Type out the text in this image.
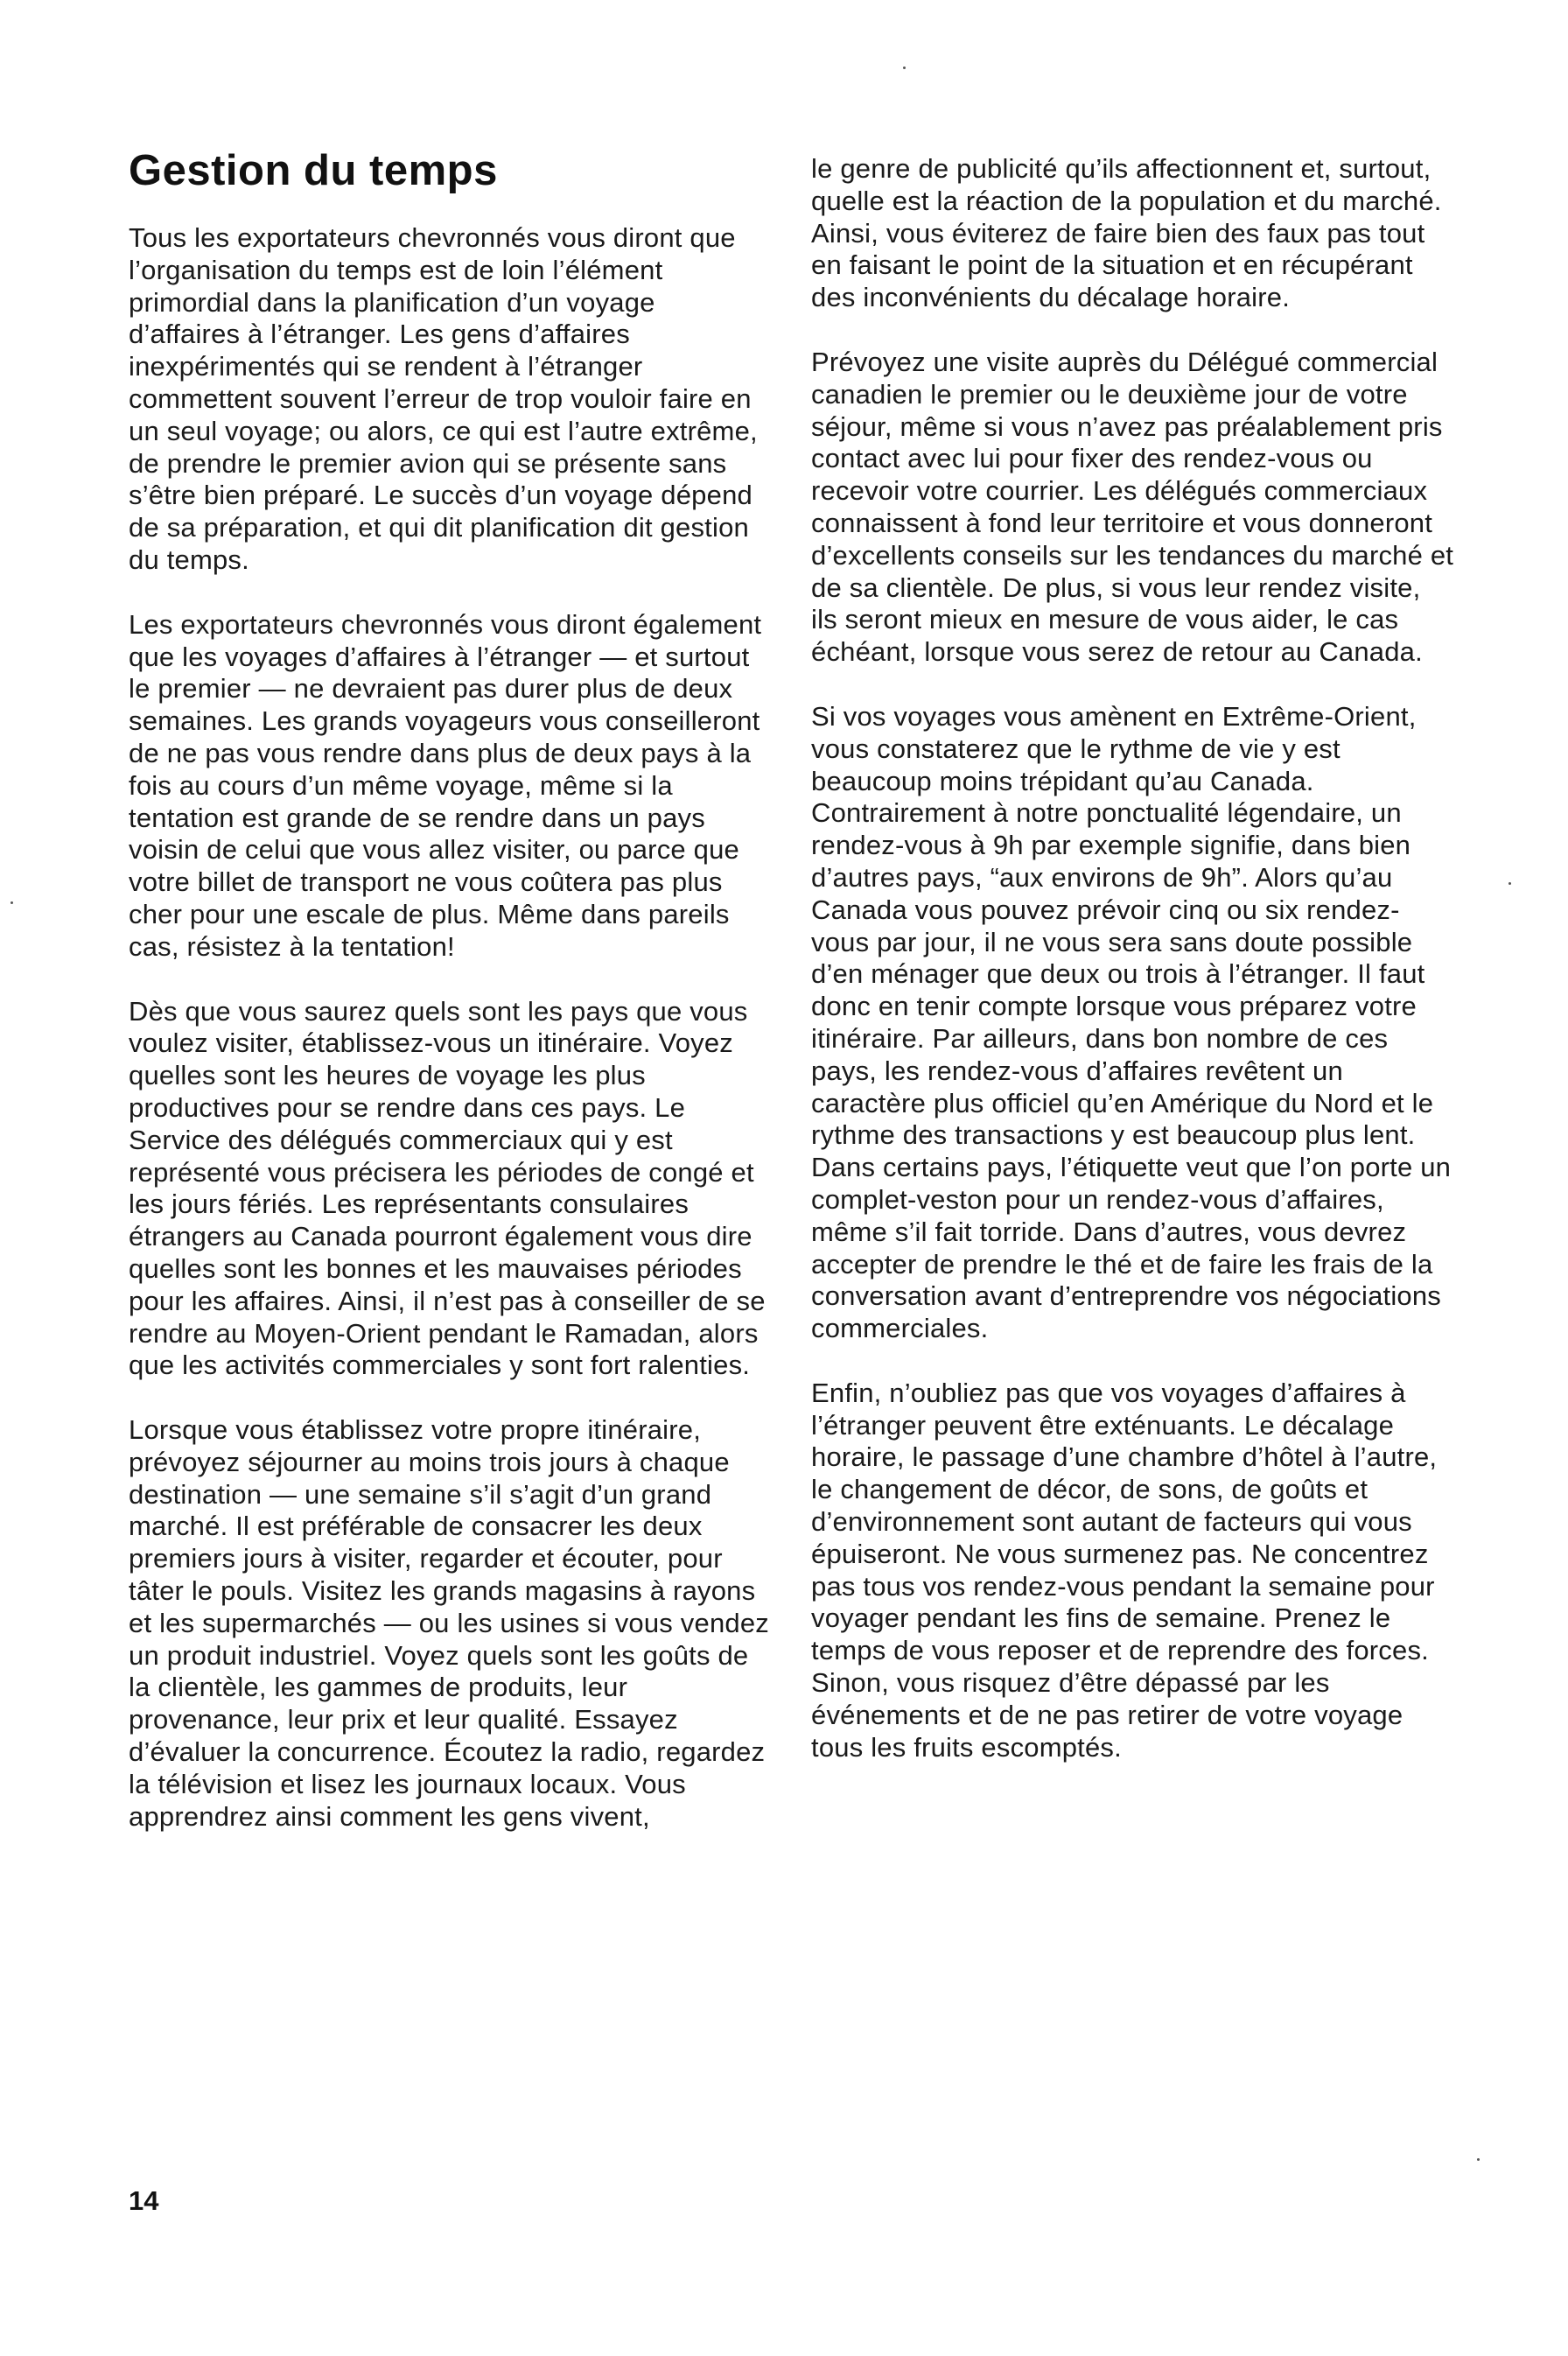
Gestion du temps

Tous les exportateurs chevronnés vous diront que l’organisation du temps est de loin l’élément primordial dans la planification d’un voyage d’affaires à l’étranger. Les gens d’affaires inexpérimentés qui se rendent à l’étranger commettent souvent l’erreur de trop vouloir faire en un seul voyage; ou alors, ce qui est l’autre extrême, de prendre le premier avion qui se présente sans s’être bien préparé. Le succès d’un voyage dépend de sa préparation, et qui dit planification dit gestion du temps.

Les exportateurs chevronnés vous diront également que les voyages d’affaires à l’étranger — et surtout le premier — ne devraient pas durer plus de deux semaines. Les grands voyageurs vous conseilleront de ne pas vous rendre dans plus de deux pays à la fois au cours d’un même voyage, même si la tentation est grande de se rendre dans un pays voisin de celui que vous allez visiter, ou parce que votre billet de transport ne vous coûtera pas plus cher pour une escale de plus. Même dans pareils cas, résistez à la tentation!

Dès que vous saurez quels sont les pays que vous voulez visiter, établissez-vous un itinéraire. Voyez quelles sont les heures de voyage les plus productives pour se rendre dans ces pays. Le Service des délégués commerciaux qui y est représenté vous précisera les périodes de congé et les jours fériés. Les représentants consulaires étrangers au Canada pourront également vous dire quelles sont les bonnes et les mauvaises périodes pour les affaires. Ainsi, il n’est pas à conseiller de se rendre au Moyen-Orient pendant le Ramadan, alors que les activités commerciales y sont fort ralenties.

Lorsque vous établissez votre propre itinéraire, prévoyez séjourner au moins trois jours à chaque destination — une semaine s’il s’agit d’un grand marché. Il est préférable de consacrer les deux premiers jours à visiter, regarder et écouter, pour tâter le pouls. Visitez les grands magasins à rayons et les supermarchés — ou les usines si vous vendez un produit industriel. Voyez quels sont les goûts de la clientèle, les gammes de produits, leur provenance, leur prix et leur qualité. Essayez d’évaluer la concurrence. Écoutez la radio, regardez la télévision et lisez les journaux locaux. Vous apprendrez ainsi comment les gens vivent,

le genre de publicité qu’ils affectionnent et, surtout, quelle est la réaction de la population et du marché. Ainsi, vous éviterez de faire bien des faux pas tout en faisant le point de la situation et en récupérant des inconvénients du décalage horaire.

Prévoyez une visite auprès du Délégué commercial canadien le premier ou le deuxième jour de votre séjour, même si vous n’avez pas préalablement pris contact avec lui pour fixer des rendez-vous ou recevoir votre courrier. Les délégués commerciaux connaissent à fond leur territoire et vous donneront d’excellents conseils sur les tendances du marché et de sa clientèle. De plus, si vous leur rendez visite, ils seront mieux en mesure de vous aider, le cas échéant, lorsque vous serez de retour au Canada.

Si vos voyages vous amènent en Extrême-Orient, vous constaterez que le rythme de vie y est beaucoup moins trépidant qu’au Canada. Contrairement à notre ponctualité légendaire, un rendez-vous à 9h par exemple signifie, dans bien d’autres pays, “aux environs de 9h”. Alors qu’au Canada vous pouvez prévoir cinq ou six rendez-vous par jour, il ne vous sera sans doute possible d’en ménager que deux ou trois à l’étranger. Il faut donc en tenir compte lorsque vous préparez votre itinéraire. Par ailleurs, dans bon nombre de ces pays, les rendez-vous d’affaires revêtent un caractère plus officiel qu’en Amérique du Nord et le rythme des transactions y est beaucoup plus lent. Dans certains pays, l’étiquette veut que l’on porte un complet-veston pour un rendez-vous d’affaires, même s’il fait torride. Dans d’autres, vous devrez accepter de prendre le thé et de faire les frais de la conversation avant d’entreprendre vos négociations commerciales.

Enfin, n’oubliez pas que vos voyages d’affaires à l’étranger peuvent être exténuants. Le décalage horaire, le passage d’une chambre d’hôtel à l’autre, le changement de décor, de sons, de goûts et d’environnement sont autant de facteurs qui vous épuiseront. Ne vous surmenez pas. Ne concentrez pas tous vos rendez-vous pendant la semaine pour voyager pendant les fins de semaine. Prenez le temps de vous reposer et de reprendre des forces. Sinon, vous risquez d’être dépassé par les événements et de ne pas retirer de votre voyage tous les fruits escomptés.

14
